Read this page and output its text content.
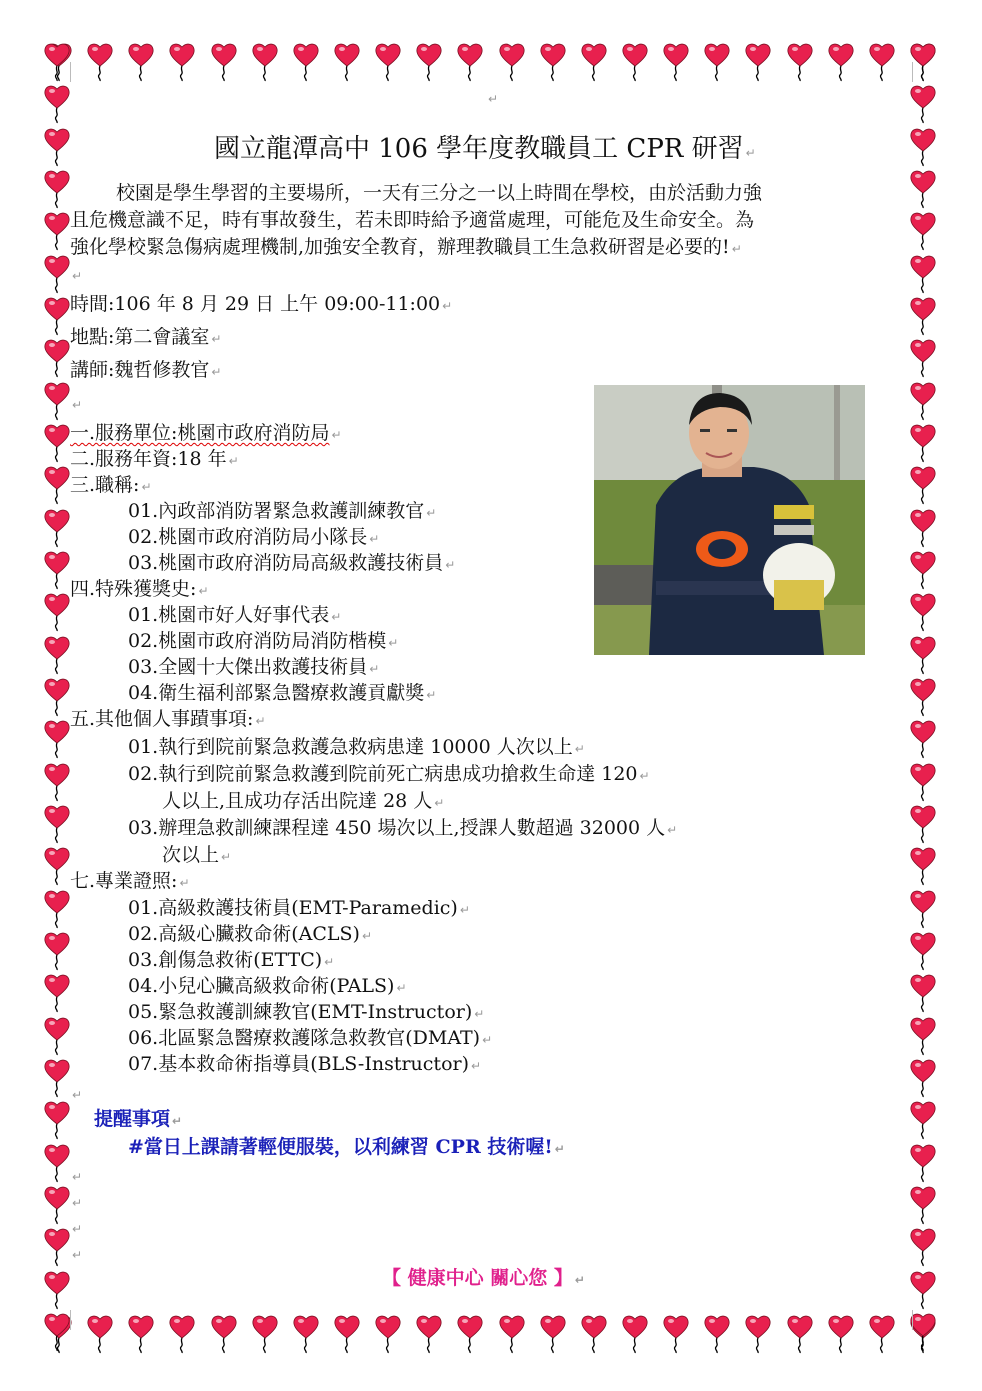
↵
國立龍潭高中 106 學年度教職員工 CPR 研習 ↵
校園是學生學習的主要場所，一天有三分之一以上時間在學校，由於活動力強
且危機意識不足，時有事故發生，若未即時給予適當處理，可能危及生命安全。為
強化學校緊急傷病處理機制,加強安全教育，辦理教職員工生急救研習是必要的! ↵
↵
時間:106 年 8 月 29 日 上午 09:00-11:00 ↵
地點:第二會議室 ↵
講師:魏哲修教官 ↵
↵
一.服務單位:桃園市政府消防局 ↵
二.服務年資:18 年 ↵
三.職稱: ↵
01.內政部消防署緊急救護訓練教官 ↵
02.桃園市政府消防局小隊長 ↵
03.桃園市政府消防局高級救護技術員 ↵
四.特殊獲獎史: ↵
01.桃園市好人好事代表 ↵
02.桃園市政府消防局消防楷模 ↵
03.全國十大傑出救護技術員 ↵
04.衛生福利部緊急醫療救護貢獻獎 ↵
五.其他個人事蹟事項: ↵
01.執行到院前緊急救護急救病患達 10000 人次以上 ↵
02.執行到院前緊急救護到院前死亡病患成功搶救生命達 120 ↵
人以上,且成功存活出院達 28 人 ↵
03.辦理急救訓練課程達 450 場次以上,授課人數超過 32000 人 ↵
次以上 ↵
七.專業證照: ↵
01.高級救護技術員(EMT-Paramedic) ↵
02.高級心臟救命術(ACLS) ↵
03.創傷急救術(ETTC) ↵
04.小兒心臟高級救命術(PALS) ↵
05.緊急救護訓練教官(EMT-Instructor) ↵
06.北區緊急醫療救護隊急救教官(DMAT) ↵
07.基本救命術指導員(BLS-Instructor) ↵
↵
提醒事項 ↵
#當日上課請著輕便服裝，以利練習 CPR 技術喔! ↵
↵
↵
↵
↵
【 健康中心 關心您 】 ↵
